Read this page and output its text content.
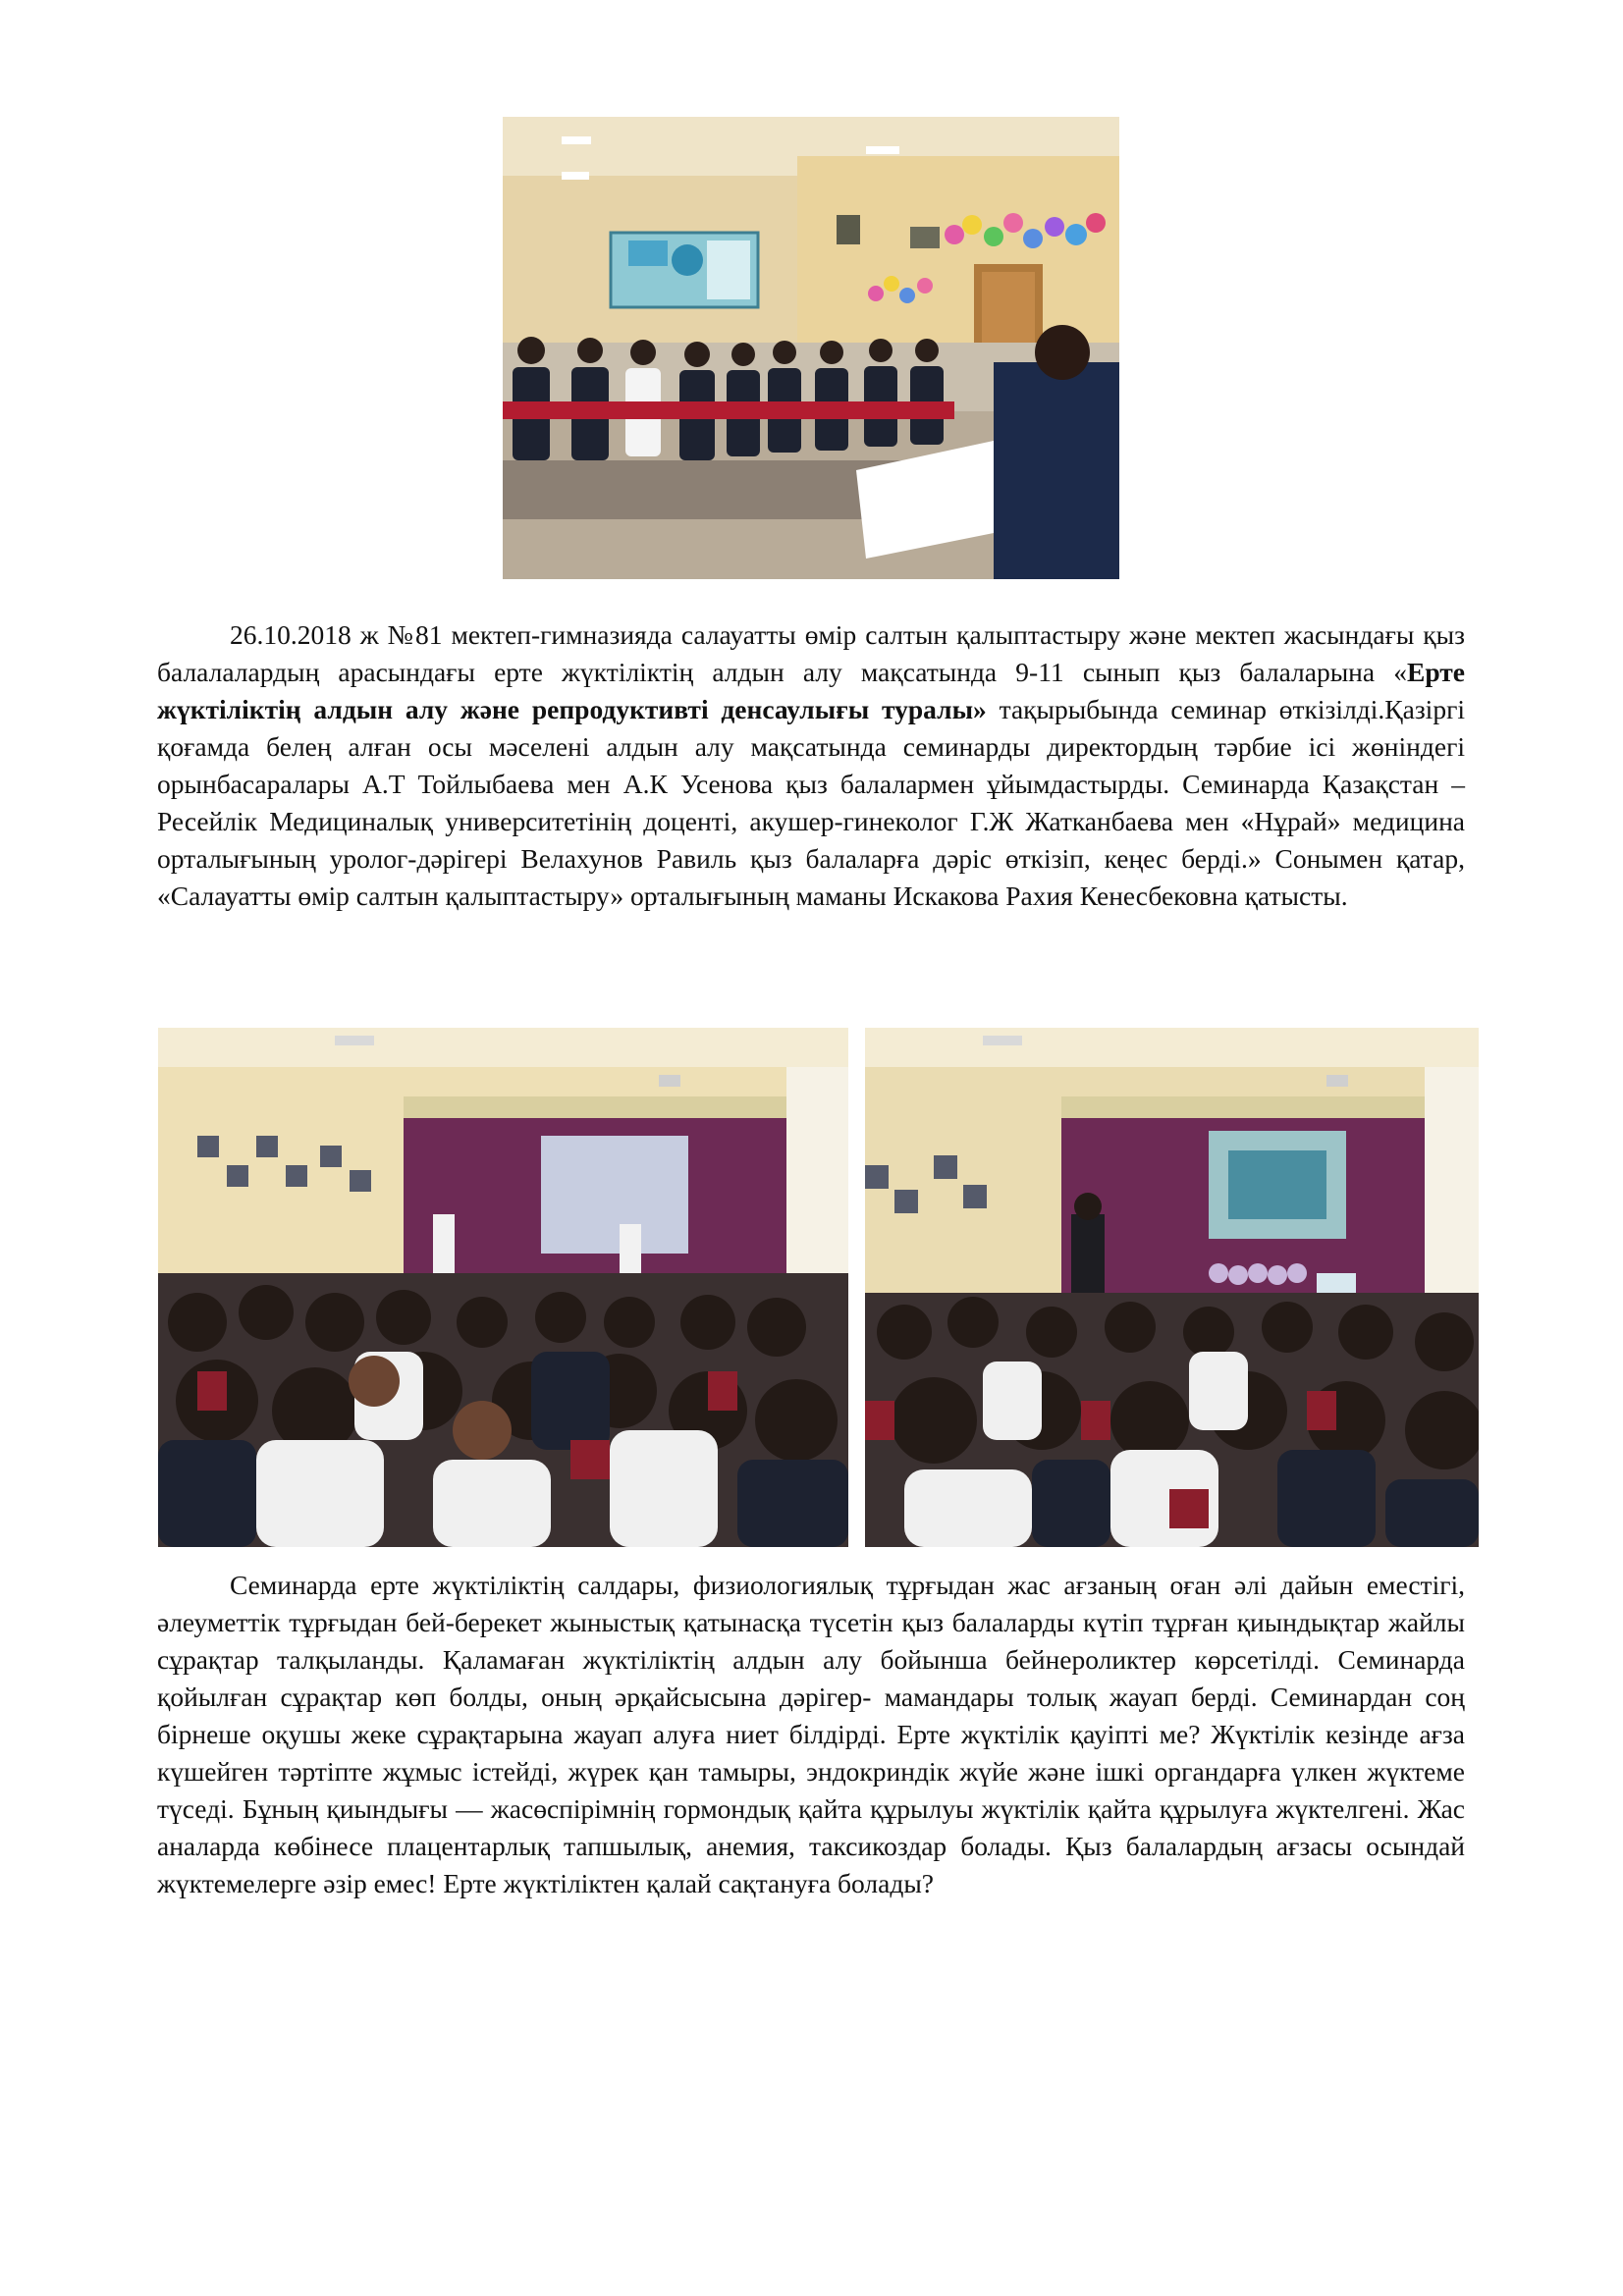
26.10.2018 ж №81 мектеп-гимназияда салауатты өмір салтын қалыптастыру және мектеп жасындағы қыз балалалардың арасындағы ерте жүктіліктің алдын алу мақсатында 9-11 сынып қыз балаларына «Ерте жүктіліктің алдын алу және репродуктивті денсаулығы туралы» тақырыбында семинар өткізілді.Қазіргі қоғамда белең алған осы мәселені алдын алу мақсатында семинарды директордың тәрбие ісі жөніндегі орынбасаралары А.Т Тойлыбаева мен А.К Усенова қыз балалармен ұйымдастырды. Семинарда Қазақстан – Ресейлік Медициналық университетінің доценті, акушер-гинеколог Г.Ж Жатканбаева мен «Нұрай» медицина орталығының уролог-дәрігері Велахунов Равиль қыз балаларға дәріс өткізіп, кеңес берді.» Сонымен қатар, «Салауатты өмір салтын қалыптастыру» орталығының маманы Искакова Рахия Кенесбековна қатысты.

Семинарда ерте жүктіліктің салдары, физиологиялық тұрғыдан жас ағзаның оған әлі дайын еместігі, әлеуметтік тұрғыдан бей-берекет жыныстық қатынасқа түсетін қыз балаларды күтіп тұрған қиындықтар жайлы сұрақтар талқыланды. Қаламаған жүктіліктің алдын алу бойынша бейнероликтер көрсетілді. Семинарда қойылған сұрақтар көп болды, оның әрқайсысына дәрігер- мамандары толық жауап берді. Семинардан соң бірнеше оқушы жеке сұрақтарына жауап алуға ниет білдірді. Ерте жүктілік қауіпті ме? Жүктілік кезінде ағза күшейген тәртіпте жұмыс істейді, жүрек қан тамыры, эндокриндік жүйе және ішкі органдарға үлкен жүктеме түседі. Бұның қиындығы — жасөспірімнің гормондық қайта құрылуы жүктілік қайта құрылуға жүктелгені. Жас аналарда көбінесе плацентарлық тапшылық, анемия, таксикоздар болады. Қыз балалардың ағзасы осындай жүктемелерге әзір емес! Ерте жүктіліктен қалай сақтануға болады?
